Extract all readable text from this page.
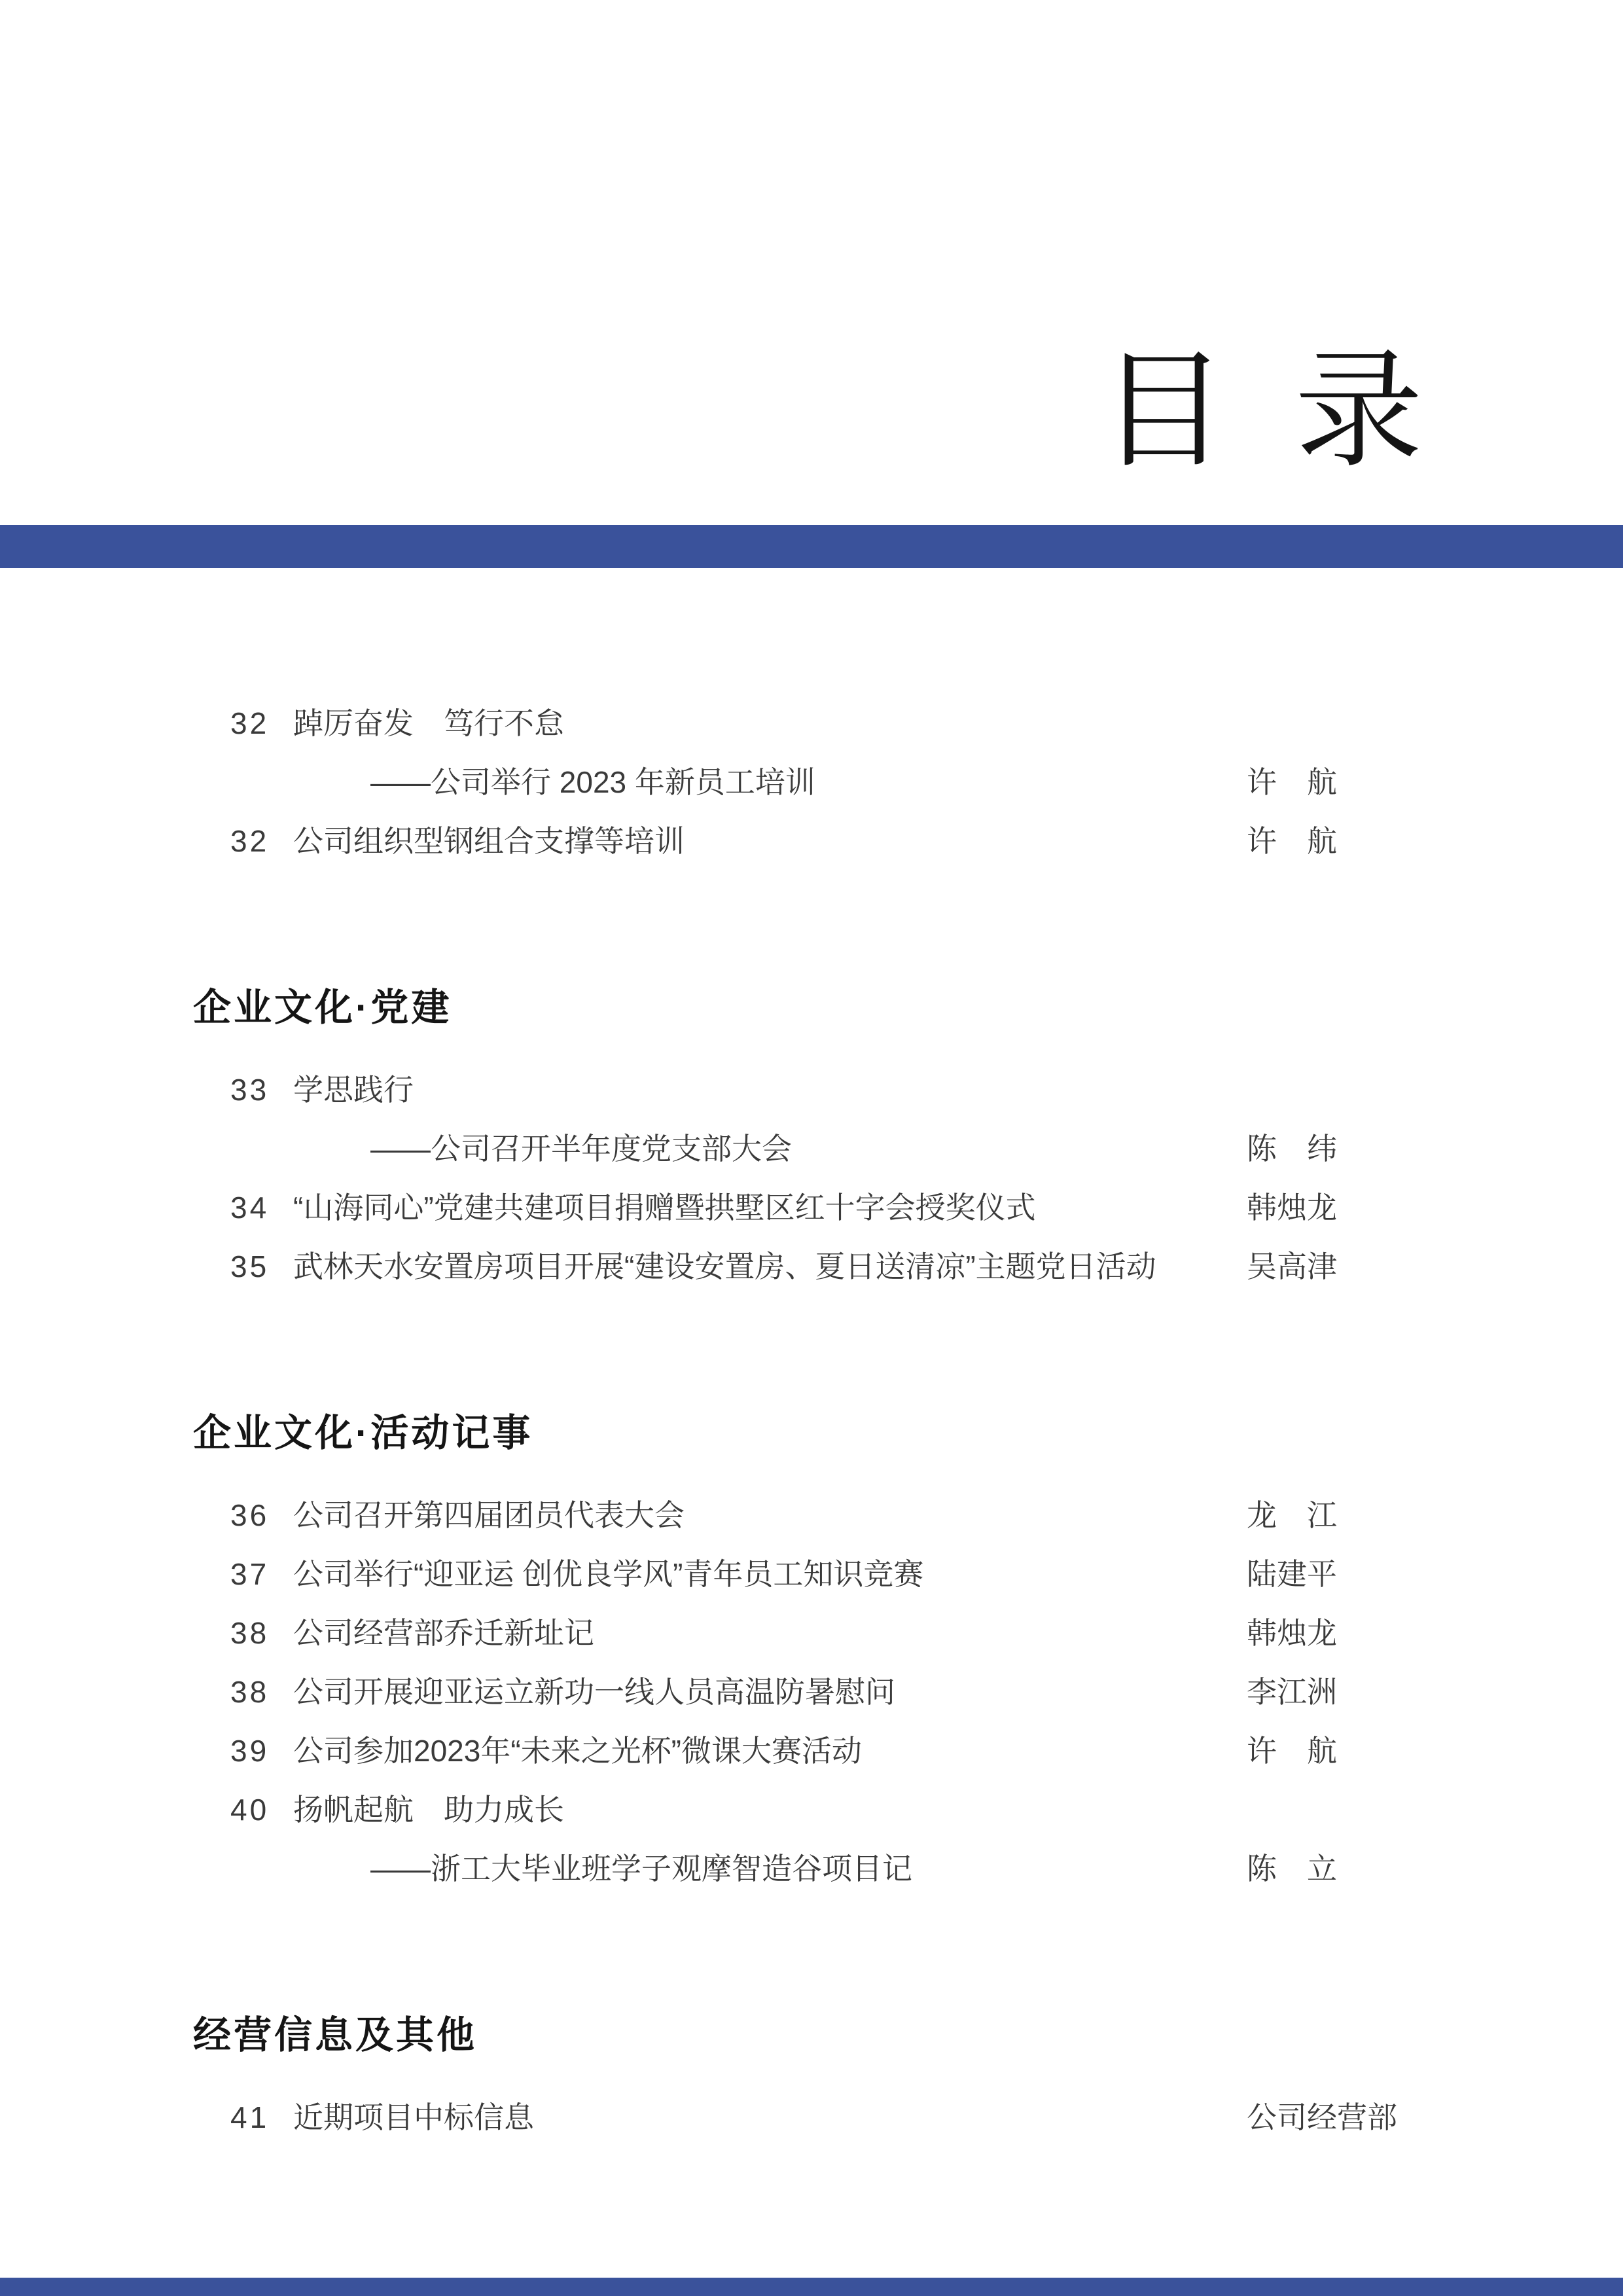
目 录
32 踔厉奋发　笃行不怠
——公司举行 2023 年新员工培训	许　航
32 公司组织型钢组合支撑等培训	许　航
企业文化·党建
33 学思践行
——公司召开半年度党支部大会	陈　纬
34 “山海同心”党建共建项目捐赠暨拱墅区红十字会授奖仪式	韩烛龙
35 武林天水安置房项目开展“建设安置房、夏日送清凉”主题党日活动	吴高津
企业文化·活动记事
36 公司召开第四届团员代表大会	龙　江
37 公司举行“迎亚运 创优良学风”青年员工知识竞赛	陆建平
38 公司经营部乔迁新址记	韩烛龙
38 公司开展迎亚运立新功一线人员高温防暑慰问	李江洲
39 公司参加2023年“未来之光杯”微课大赛活动	许　航
40 扬帆起航　助力成长
——浙工大毕业班学子观摩智造谷项目记	陈　立
经营信息及其他
41 近期项目中标信息	公司经营部
